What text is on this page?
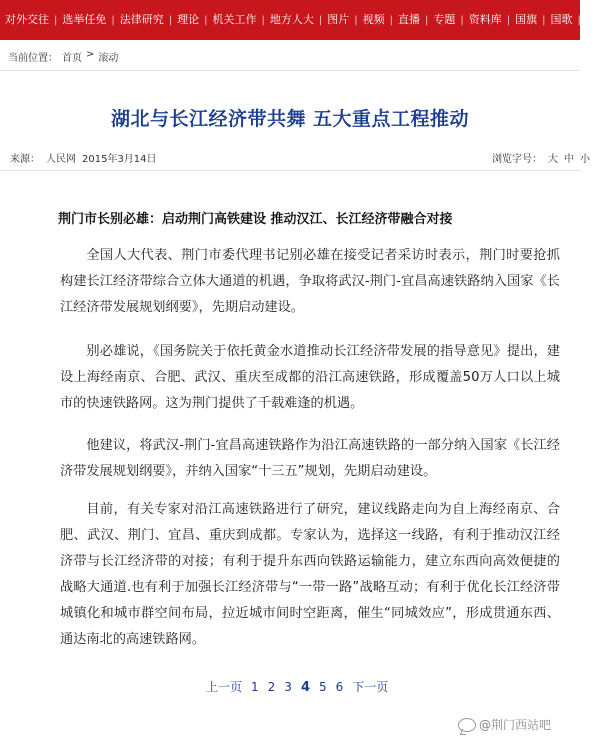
对外交往 | 选举任免 | 法律研究 | 理论 | 机关工作 | 地方人大 | 图片 | 视频 | 直播 | 专题 | 资料库 | 国旗 | 国歌 | 国徽
当前位置： 首页 > 滚动
湖北与长江经济带共舞 五大重点工程推动
来源： 人民网 2015年3月14日	浏览字号： 大 中 小
荆门市长别必雄：启动荆门高铁建设 推动汉江、长江经济带融合对接

全国人大代表、荆门市委代理书记别必雄在接受记者采访时表示，荆门时要抢抓构建长江经济带综合立体大通道的机遇，争取将武汉-荆门-宜昌高速铁路纳入国家《长江经济带发展规划纲要》，先期启动建设。

别必雄说，《国务院关于依托黄金水道推动长江经济带发展的指导意见》提出，建设上海经南京、合肥、武汉、重庆至成都的沿江高速铁路，形成覆盖50万人口以上城市的快速铁路网。这为荆门提供了千载难逢的机遇。

他建议，将武汉-荆门-宜昌高速铁路作为沿江高速铁路的一部分纳入国家《长江经济带发展规划纲要》，并纳入国家“十三五”规划，先期启动建设。

目前，有关专家对沿江高速铁路进行了研究，建议线路走向为自上海经南京、合肥、武汉、荆门、宜昌、重庆到成都。专家认为，选择这一线路，有利于推动汉江经济带与长江经济带的对接；有利于提升东西向铁路运输能力，建立东西向高效便捷的战略大通道.也有利于加强长江经济带与“一带一路”战略互动；有利于优化长江经济带城镇化和城市群空间布局，拉近城市间时空距离，催生“同城效应”，形成贯通东西、通达南北的高速铁路网。

上一页 1 2 3 4 5 6 下一页
@荆门西站吧
